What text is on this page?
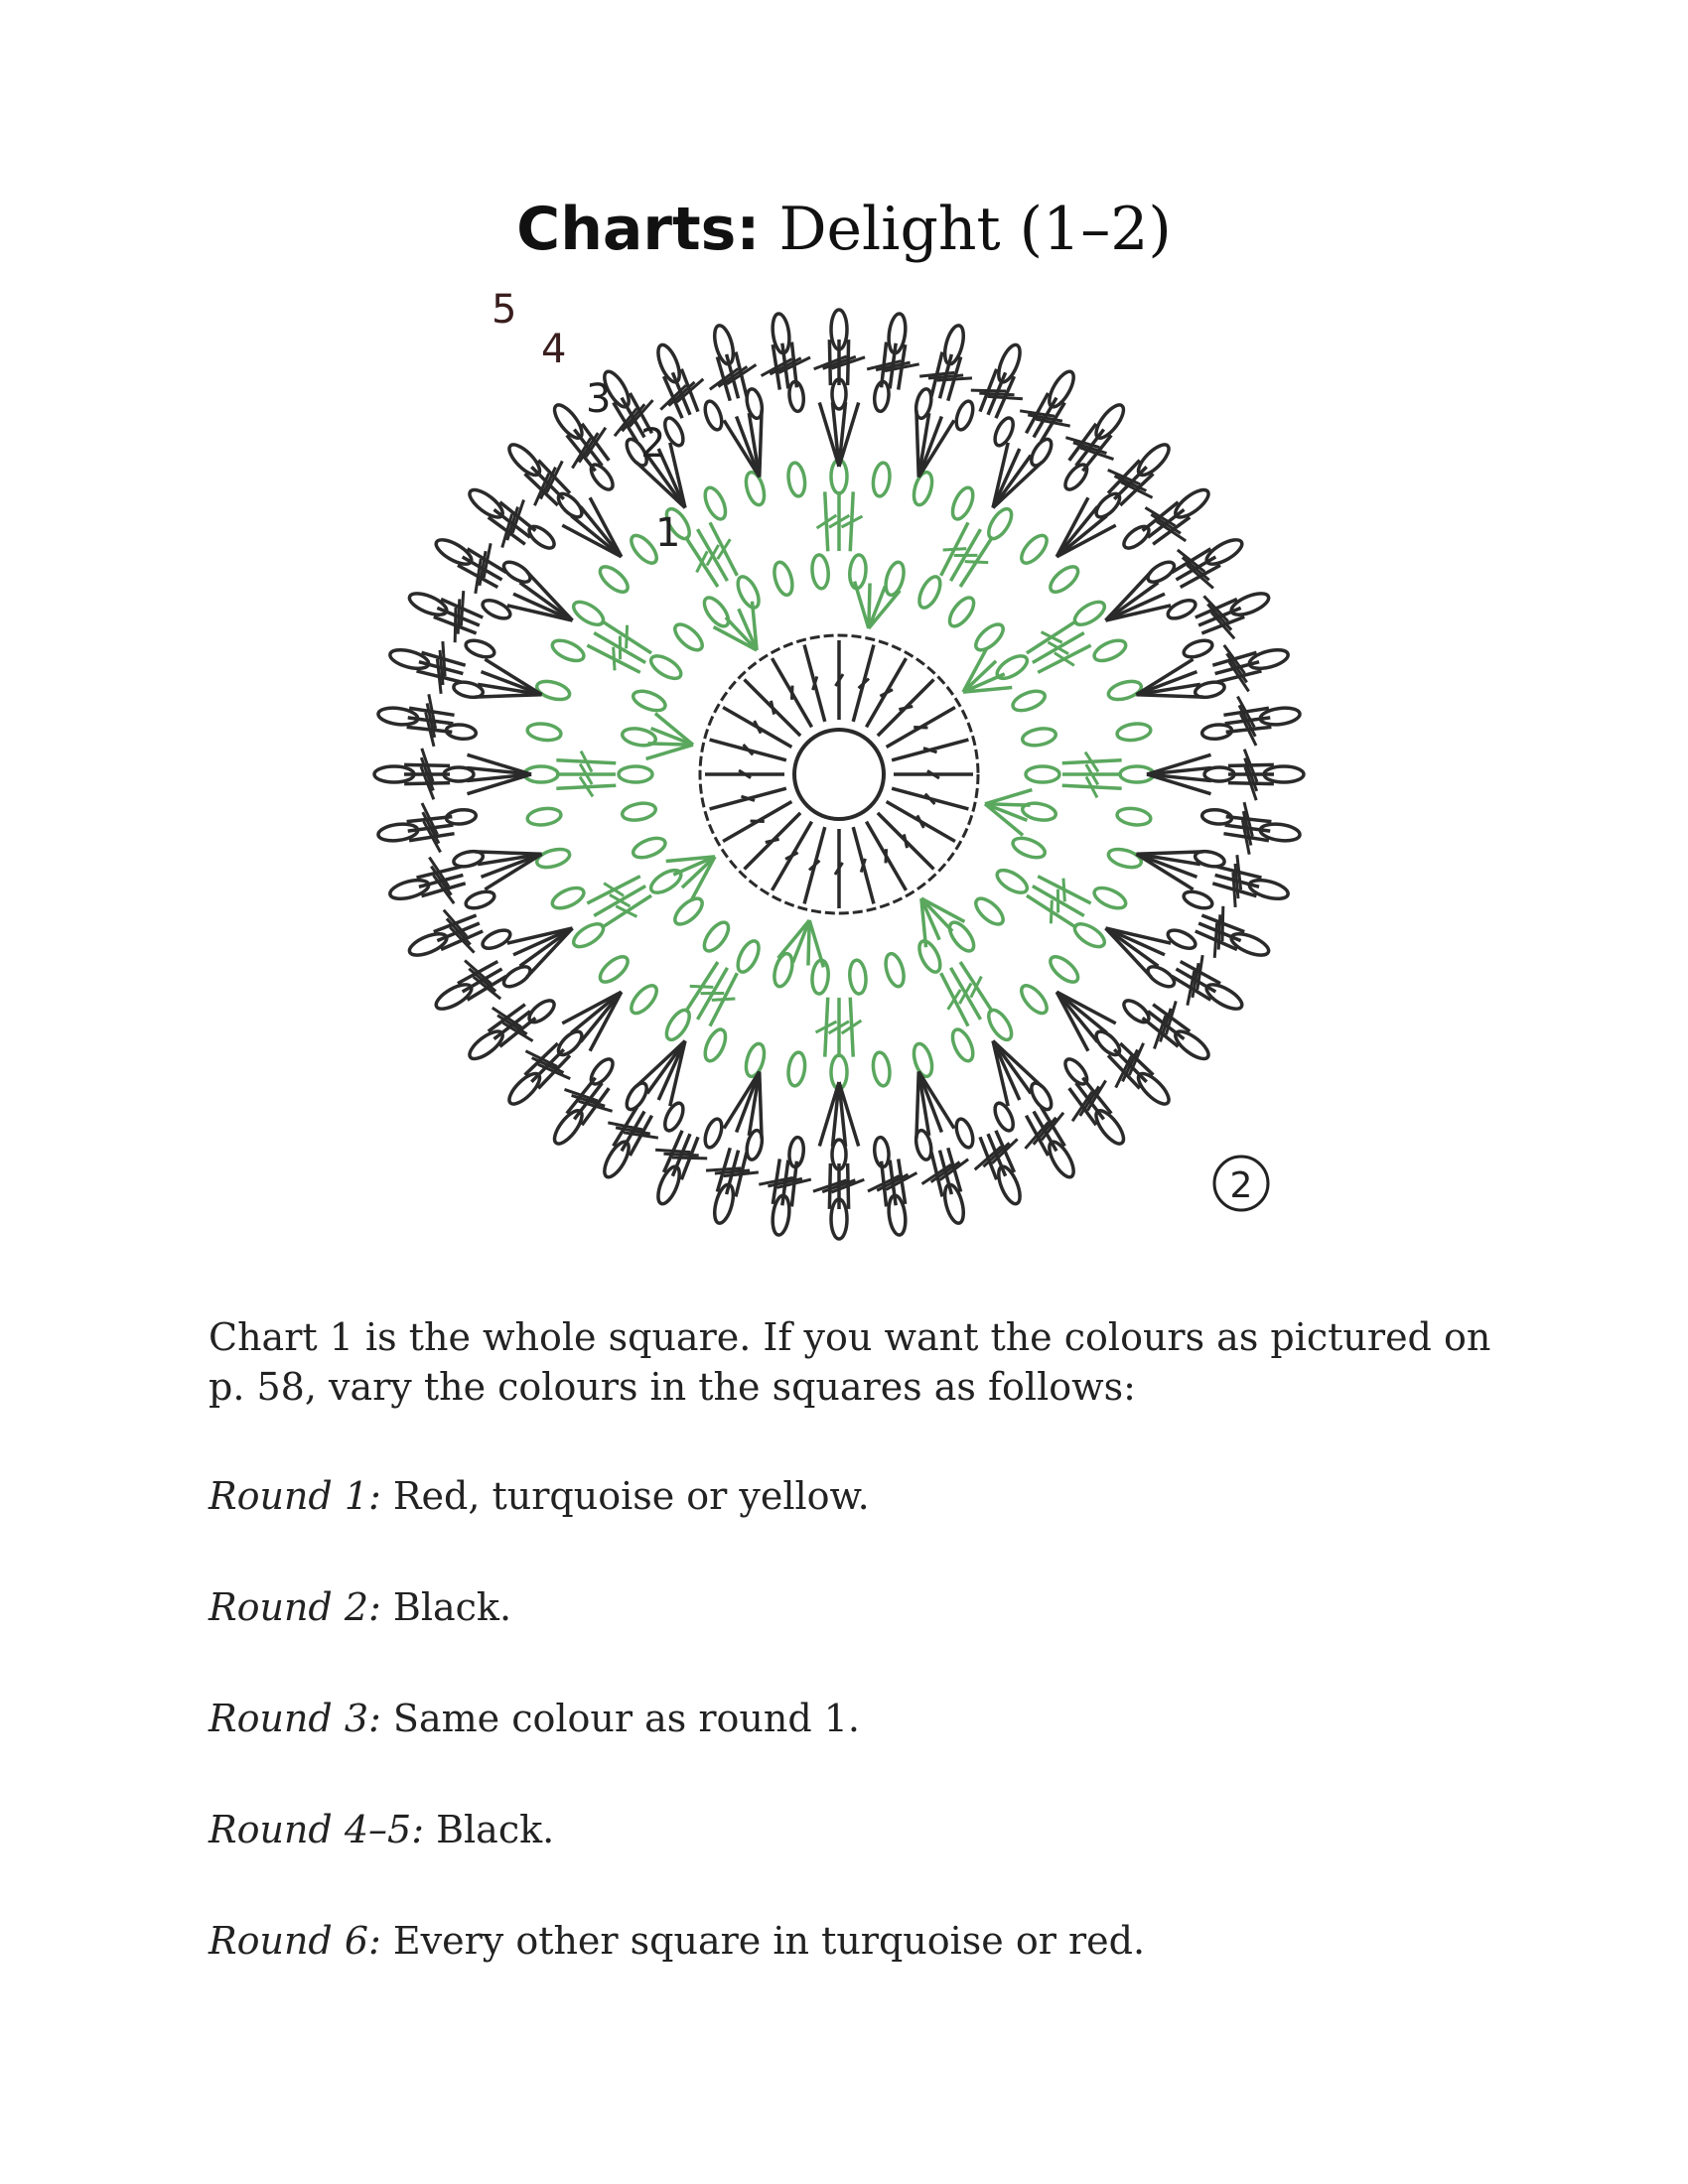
Charts: Delight (1–2)
1
2
3
4
5
2
Chart 1 is the whole square. If you want the colours as pictured on p. 58, vary the colours in the squares as follows:
Round 1: Red, turquoise or yellow.
Round 2: Black.
Round 3: Same colour as round 1.
Round 4–5: Black.
Round 6: Every other square in turquoise or red.
